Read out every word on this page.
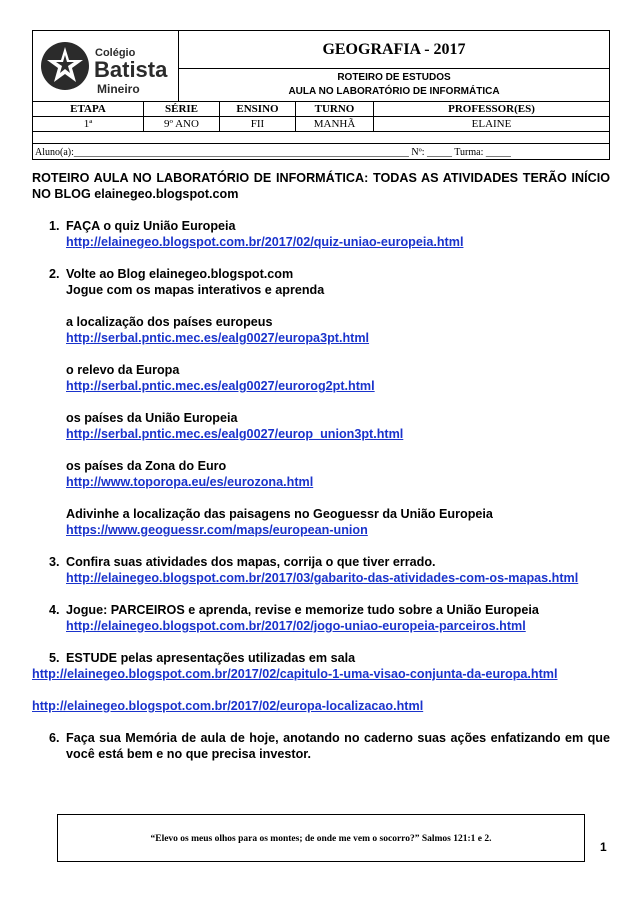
Colégio
Batista
Mineiro
GEOGRAFIA - 2017
ROTEIRO DE ESTUDOS
AULA NO LABORATÓRIO DE INFORMÁTICA
ETAPA	SÉRIE	ENSINO	TURNO	PROFESSOR(ES)
1ª	9º ANO	FII	MANHÃ	ELAINE
Aluno(a):___________________________________________________________________ Nº: _____ Turma: _____
ROTEIRO AULA NO LABORATÓRIO DE INFORMÁTICA: TODAS AS ATIVIDADES TERÃO INÍCIO NO BLOG elainegeo.blogspot.com
1. FAÇA o quiz União Europeia
http://elainegeo.blogspot.com.br/2017/02/quiz-uniao-europeia.html
2. Volte ao Blog elainegeo.blogspot.com
Jogue com os mapas interativos e aprenda
a localização dos países europeus
http://serbal.pntic.mec.es/ealg0027/europa3pt.html
o relevo da Europa
http://serbal.pntic.mec.es/ealg0027/eurorog2pt.html
os países da União Europeia
http://serbal.pntic.mec.es/ealg0027/europ_union3pt.html
os países da Zona do Euro
http://www.toporopa.eu/es/eurozona.html
Adivinhe a localização das paisagens no Geoguessr da União Europeia
https://www.geoguessr.com/maps/european-union
3. Confira suas atividades dos mapas, corrija o que tiver errado.
http://elainegeo.blogspot.com.br/2017/03/gabarito-das-atividades-com-os-mapas.html
4. Jogue: PARCEIROS e aprenda, revise e memorize tudo sobre a União Europeia
http://elainegeo.blogspot.com.br/2017/02/jogo-uniao-europeia-parceiros.html
5. ESTUDE pelas apresentações utilizadas em sala
http://elainegeo.blogspot.com.br/2017/02/capitulo-1-uma-visao-conjunta-da-europa.html
http://elainegeo.blogspot.com.br/2017/02/europa-localizacao.html
6. Faça sua Memória de aula de hoje, anotando no caderno suas ações enfatizando em que você está bem e no que precisa investor.
“Elevo os meus olhos para os montes; de onde me vem o socorro?” Salmos 121:1 e 2.
1
